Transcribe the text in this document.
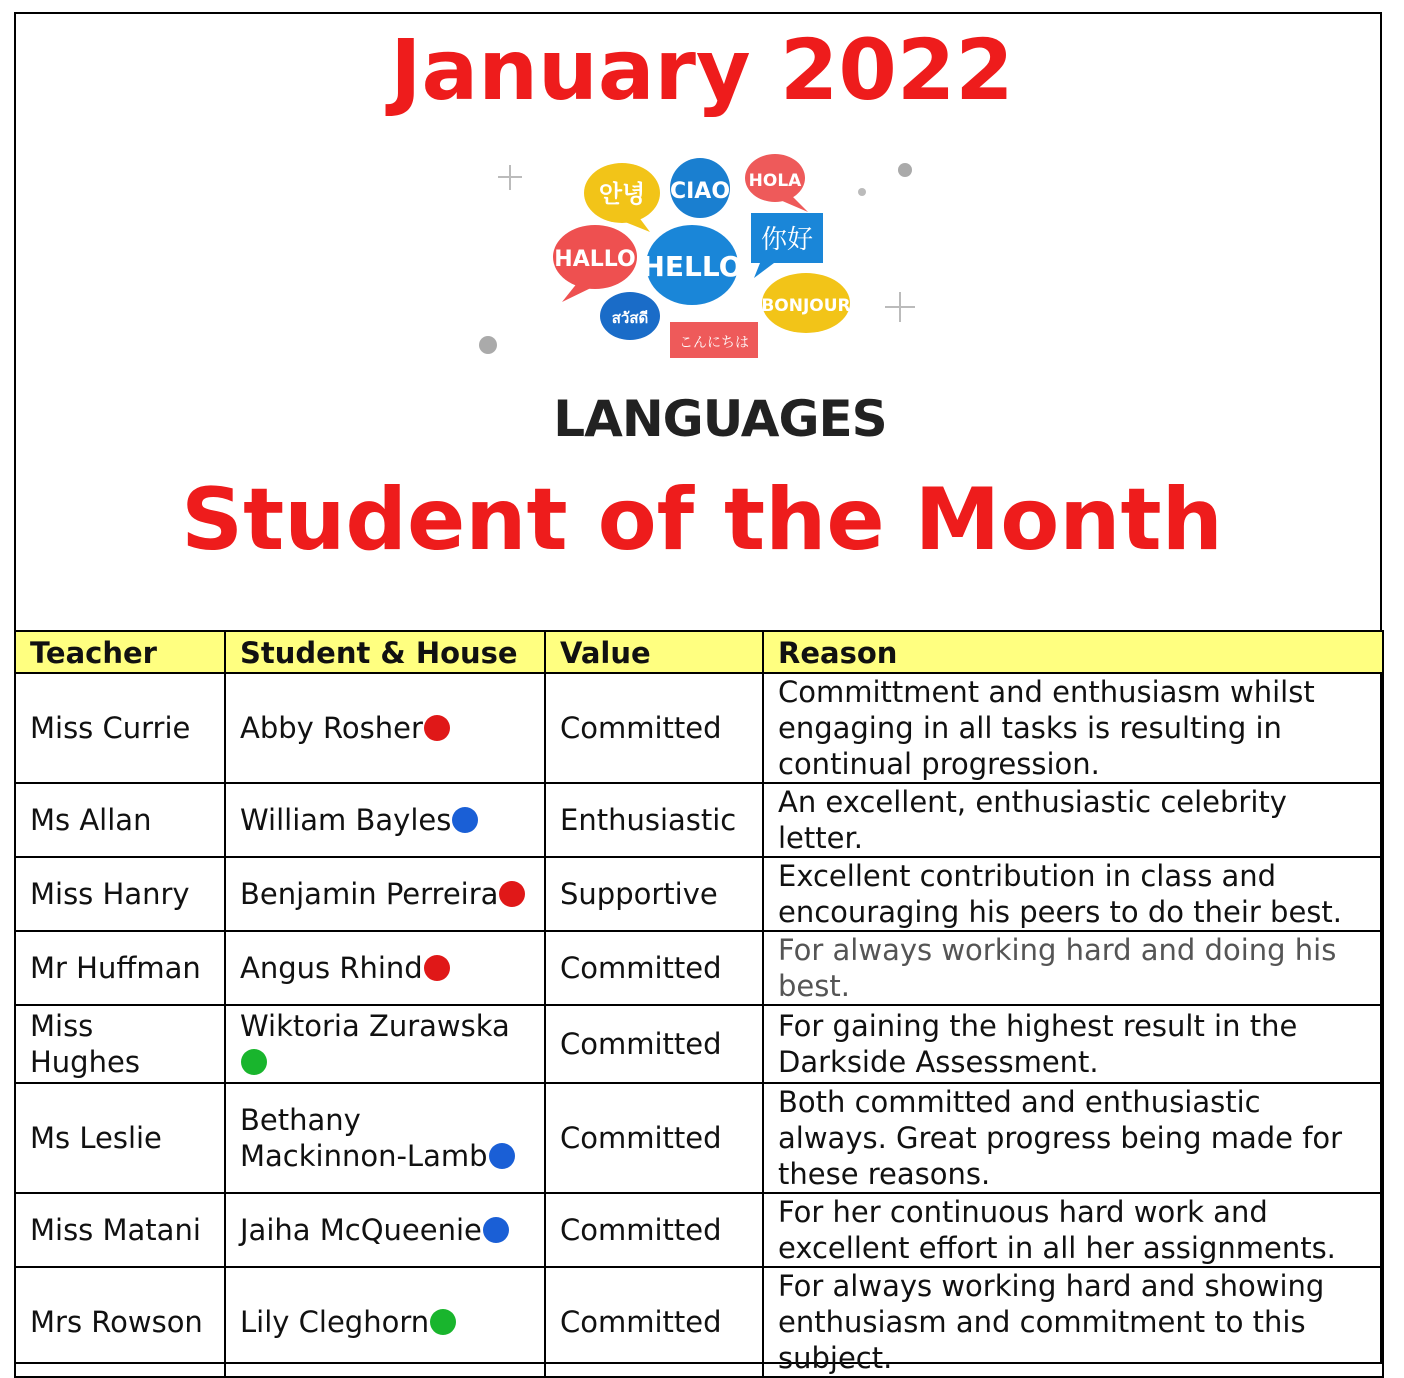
January 2022
안녕 CIAO HOLA
HALLO HELLO
你好
BONJOUR
สวัสดี
こんにちは
LANGUAGES
Student of the Month
Teacher	Student & House	Value	Reason
Miss Currie	Abby Rosher	Committed	Committment and enthusiasm whilst engaging in all tasks is resulting in continual progression.
Ms Allan	William Bayles	Enthusiastic	An excellent, enthusiastic celebrity letter.
Miss Hanry	Benjamin Perreira	Supportive	Excellent contribution in class and encouraging his peers to do their best.
Mr Huffman	Angus Rhind	Committed	For always working hard and doing his best.
Miss Hughes	Wiktoria Zurawska	Committed	For gaining the highest result in the Darkside Assessment.
Ms Leslie	Bethany Mackinnon-Lamb	Committed	Both committed and enthusiastic always. Great progress being made for these reasons.
Miss Matani	Jaiha McQueenie	Committed	For her continuous hard work and excellent effort in all her assignments.
Mrs Rowson	Lily Cleghorn	Committed	For always working hard and showing enthusiasm and commitment to this subject.
